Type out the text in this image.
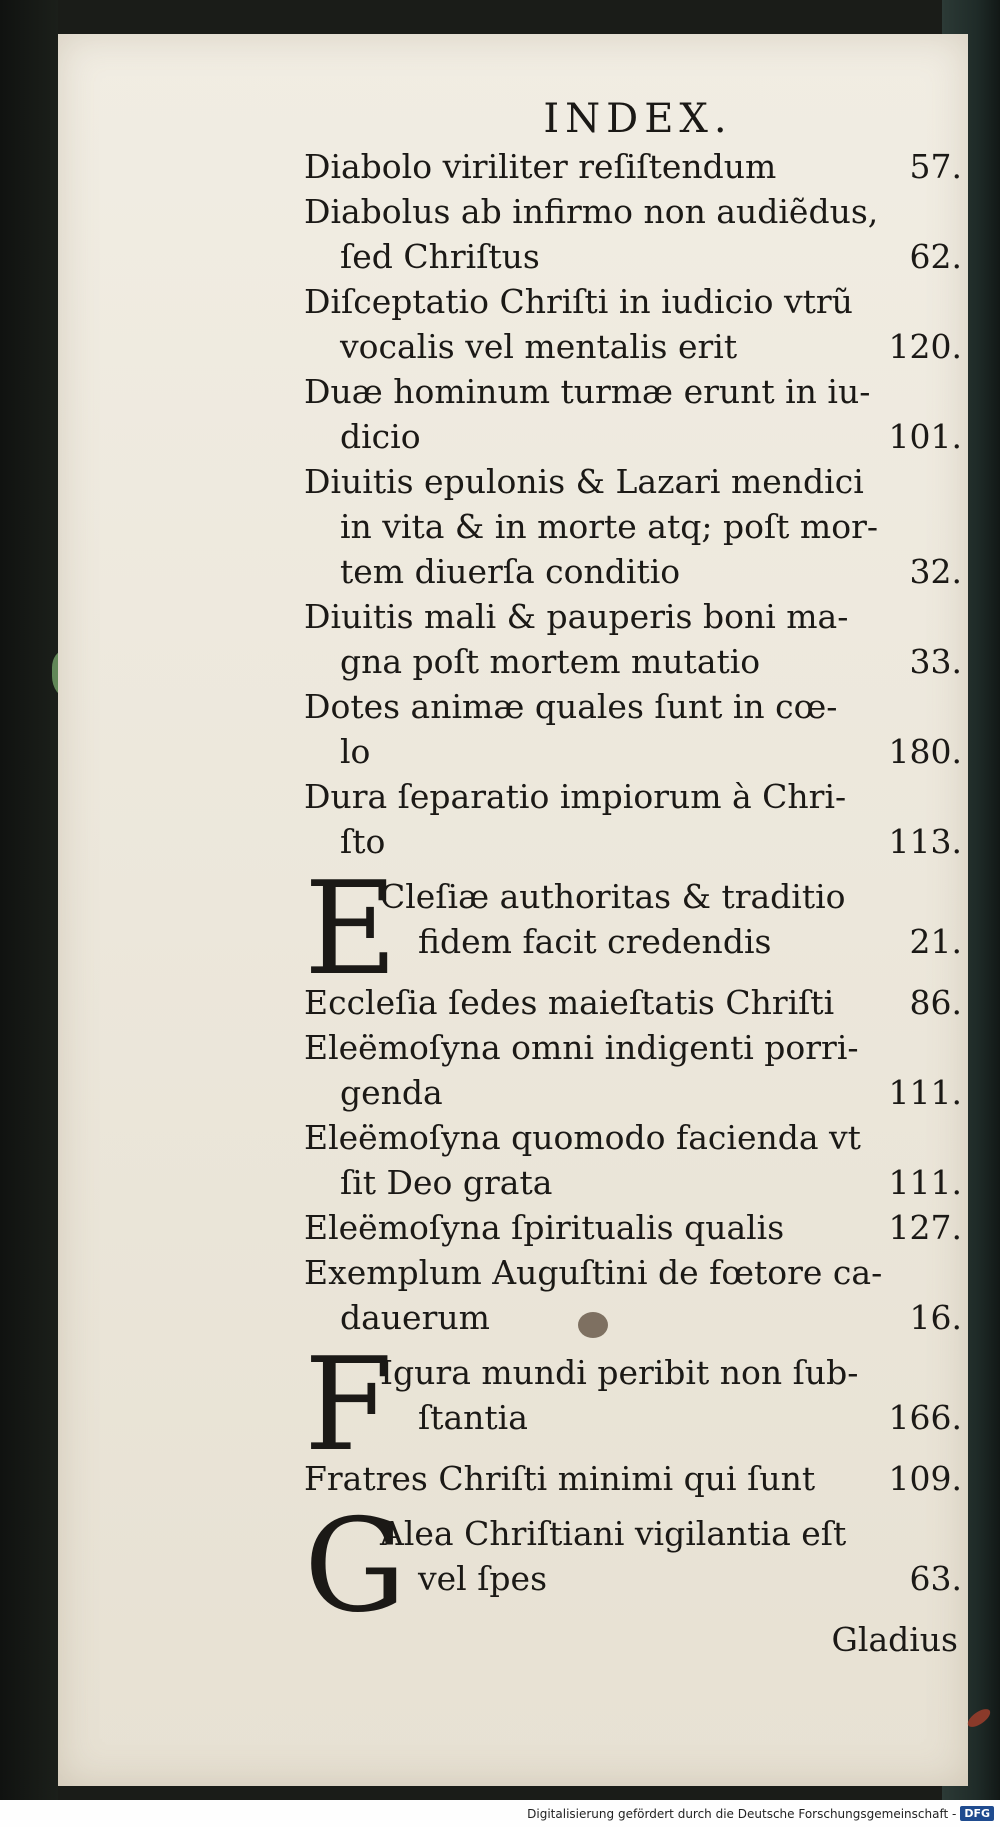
INDEX.
Diabolo viriliter reſiſtendum	57.
Diabolus ab infirmo non audiẽdus,
ſed Chriſtus	62.
Diſceptatio Chriſti in iudicio vtrũ
vocalis vel mentalis erit	120.
Duæ hominum turmæ erunt in iu-
dicio	101.
Diuitis epulonis & Lazari mendici
in vita & in morte atq; poſt mor-
tem diuerſa conditio	32.
Diuitis mali & pauperis boni ma-
gna poſt mortem mutatio	33.
Dotes animæ quales ſunt in cœ-
lo	180.
Dura ſeparatio impiorum à Chri-
ſto	113.
E
Cleſiæ authoritas & traditio
fidem facit credendis	21.
Eccleſia ſedes maieſtatis Chriſti	86.
Eleëmoſyna omni indigenti porri-
genda	111.
Eleëmoſyna quomodo facienda vt
ſit Deo grata	111.
Eleëmoſyna ſpiritualis qualis	127.
Exemplum Auguſtini de fœtore ca-
dauerum	16.
F
Igura mundi peribit non ſub-
ſtantia	166.
Fratres Chriſti minimi qui ſunt	109.
G
Alea Chriſtiani vigilantia eſt
vel ſpes	63.
Gladius
Digitalisierung gefördert durch die Deutsche Forschungsgemeinschaft - DFG
